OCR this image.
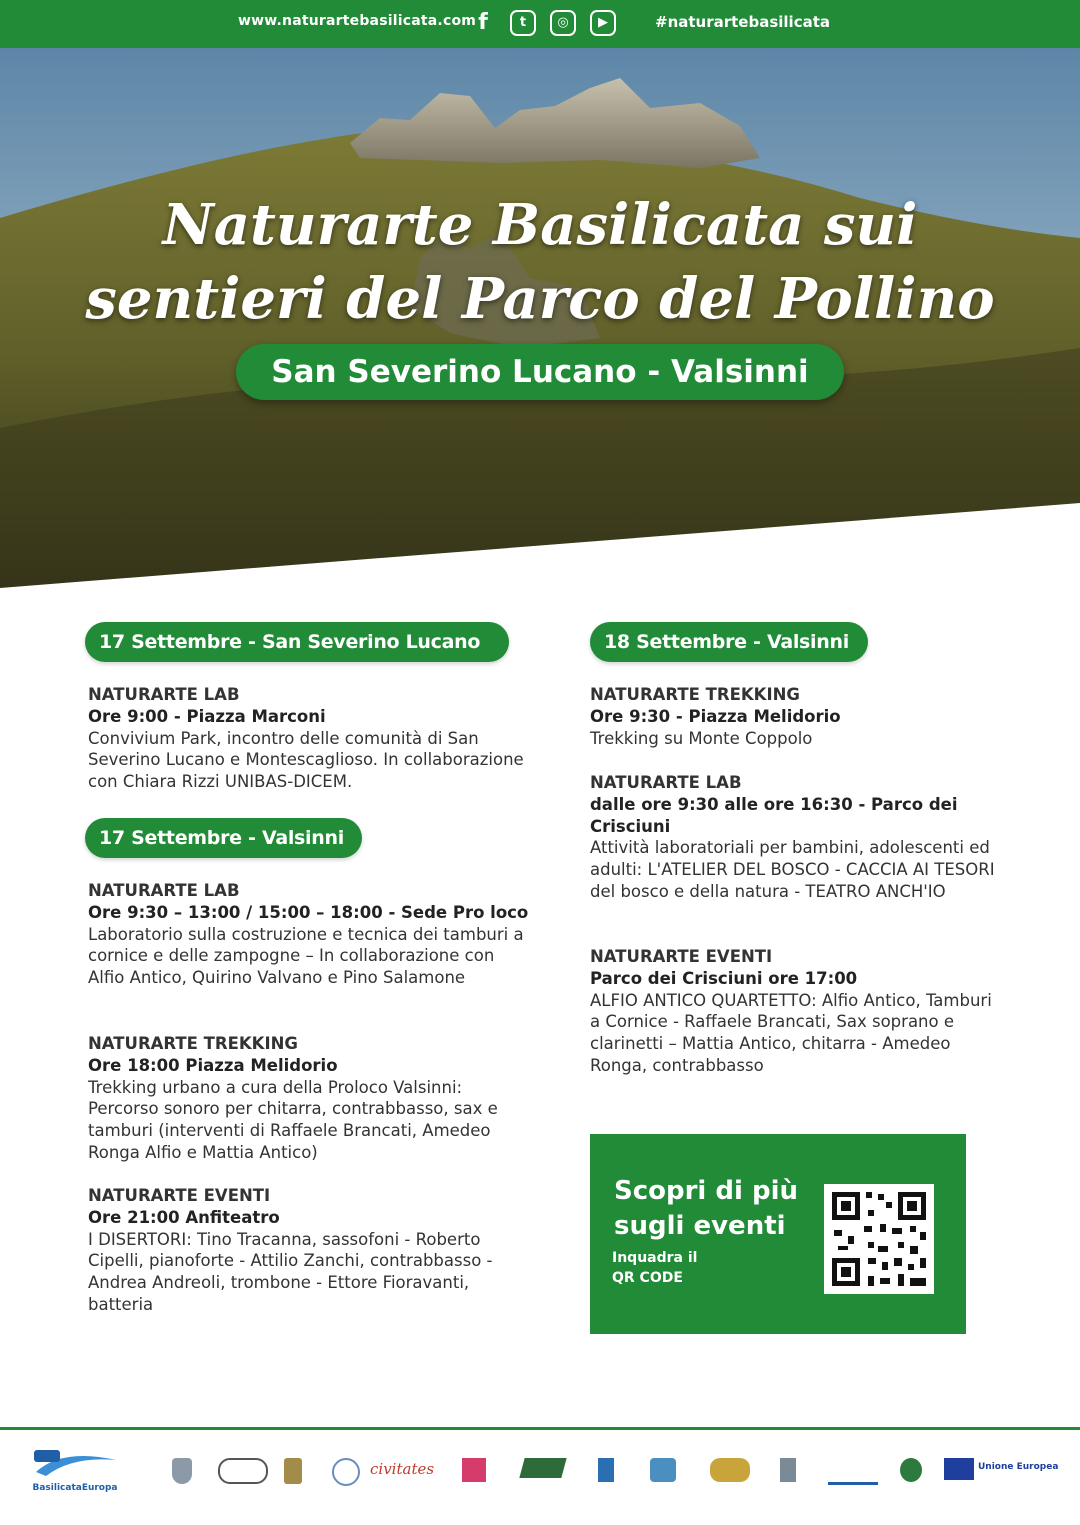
www.naturartebasilicata.com f	t	◎	▶	#naturartebasilicata
Naturarte Basilicata sui sentieri del Parco del Pollino
San Severino Lucano - Valsinni
17 Settembre - San Severino Lucano
NATURARTE LAB
Ore 9:00 - Piazza Marconi
Convivium Park, incontro delle comunità di San Severino Lucano e Montescaglioso. In collaborazione con Chiara Rizzi UNIBAS-DICEM.
17 Settembre - Valsinni
NATURARTE LAB
Ore 9:30 – 13:00 / 15:00 – 18:00 - Sede Pro loco
Laboratorio sulla costruzione e tecnica dei tamburi a cornice e delle zampogne – In collaborazione con Alfio Antico, Quirino Valvano e Pino Salamone
NATURARTE TREKKING
Ore 18:00 Piazza Melidorio
Trekking urbano a cura della Proloco Valsinni: Percorso sonoro per chitarra, contrabbasso, sax e tamburi (interventi di Raffaele Brancati, Amedeo Ronga Alfio e Mattia Antico)
NATURARTE EVENTI
Ore 21:00 Anfiteatro
I DISERTORI: Tino Tracanna, sassofoni - Roberto Cipelli, pianoforte - Attilio Zanchi, contrabbasso - Andrea Andreoli, trombone - Ettore Fioravanti, batteria
18 Settembre - Valsinni
NATURARTE TREKKING
Ore 9:30 - Piazza Melidorio
Trekking su Monte Coppolo
NATURARTE LAB
dalle ore 9:30 alle ore 16:30 - Parco dei Crisciuni
Attività laboratoriali per bambini, adolescenti ed adulti: L'ATELIER DEL BOSCO - CACCIA AI TESORI del bosco e della natura - TEATRO ANCH'IO
NATURARTE EVENTI
Parco dei Crisciuni ore 17:00
ALFIO ANTICO QUARTETTO: Alfio Antico, Tamburi a Cornice - Raffaele Brancati, Sax soprano e clarinetti – Mattia Antico, chitarra - Amedeo Ronga, contrabbasso
Scopri di più sugli eventi
Inquadra il QR CODE
BasilicataEuropa
civitates	Unione Europea
